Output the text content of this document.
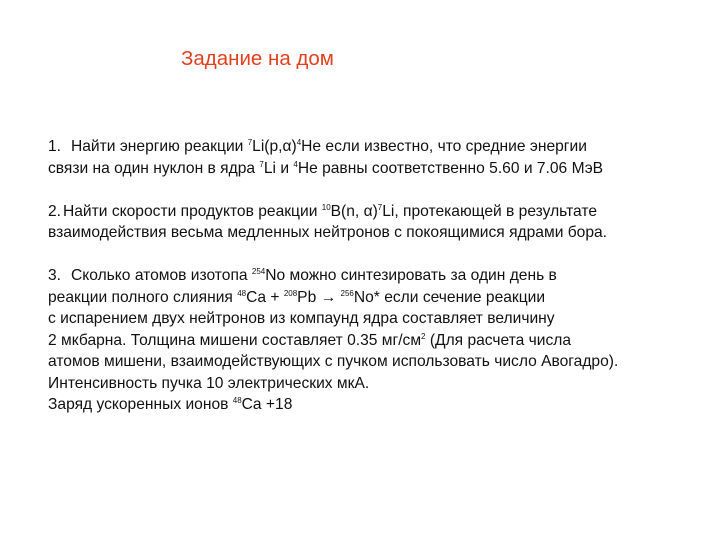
Задание на дом
1. Найти энергию реакции $^7Li(p,\alpha)^4He$ если известно, что средние энергии
связи на один нуклон в ядра $^7$Li и $^4$He равны соответственно 5.60 и 7.06 МэВ
2. Найти скорости продуктов реакции $^{10}$B(n, α)$^7$Li, протекающей в результате
взаимодействия весьма медленных нейтронов с покоящимися ядрами бора.
3. Сколько атомов изотопа $^{254}$No можно синтезировать за один день в
реакции полного слияния $^{48}$Ca + $^{208}$Pb → $^{256}$No* если сечение реакции
с испарением двух нейтронов из компаунд ядра составляет величину
2 мкбарна. Толщина мишени составляет 0.35 $мг/см^2$ (Для расчета числа
атомов мишени, взаимодействующих с пучком использовать число Авогадро).
Интенсивность пучка 10 электрических мкА.
Заряд ускоренных ионов $^{48}$Ca +18
